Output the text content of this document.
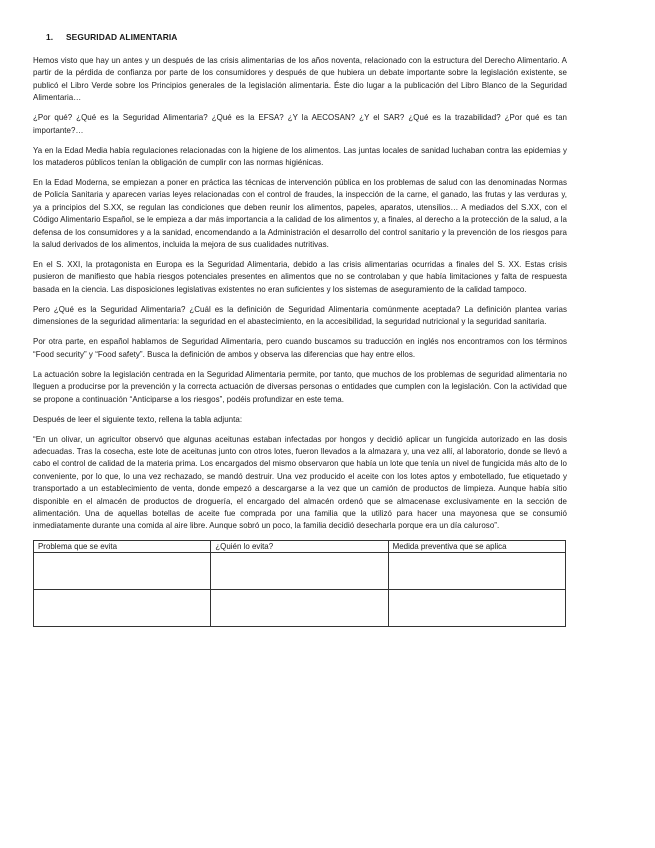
1. SEGURIDAD ALIMENTARIA

Hemos visto que hay un antes y un después de las crisis alimentarias de los años noventa, relacionado con la estructura del Derecho Alimentario. A partir de la pérdida de confianza por parte de los consumidores y después de que hubiera un debate importante sobre la legislación existente, se publicó el Libro Verde sobre los Principios generales de la legislación alimentaria. Éste dio lugar a la publicación del Libro Blanco de la Seguridad Alimentaria…

¿Por qué? ¿Qué es la Seguridad Alimentaria? ¿Qué es la EFSA? ¿Y la AECOSAN? ¿Y el SAR? ¿Qué es la trazabilidad? ¿Por qué es tan importante?…

Ya en la Edad Media había regulaciones relacionadas con la higiene de los alimentos. Las juntas locales de sanidad luchaban contra las epidemias y los mataderos públicos tenían la obligación de cumplir con las normas higiénicas.

En la Edad Moderna, se empiezan a poner en práctica las técnicas de intervención pública en los problemas de salud con las denominadas Normas de Policía Sanitaria y aparecen varias leyes relacionadas con el control de fraudes, la inspección de la carne, el ganado, las frutas y las verduras y, ya a principios del S.XX, se regulan las condiciones que deben reunir los alimentos, papeles, aparatos, utensilios… A mediados del S.XX, con el Código Alimentario Español, se le empieza a dar más importancia a la calidad de los alimentos y, a finales, al derecho a la protección de la salud, a la defensa de los consumidores y a la sanidad, encomendando a la Administración el desarrollo del control sanitario y la prevención de los riesgos para la salud derivados de los alimentos, incluida la mejora de sus cualidades nutritivas.

En el S. XXI, la protagonista en Europa es la Seguridad Alimentaria, debido a las crisis alimentarias ocurridas a finales del S. XX. Estas crisis pusieron de manifiesto que había riesgos potenciales presentes en alimentos que no se controlaban y que había limitaciones y falta de respuesta basada en la ciencia. Las disposiciones legislativas existentes no eran suficientes y los sistemas de aseguramiento de la calidad tampoco.

Pero ¿Qué es la Seguridad Alimentaria? ¿Cuál es la definición de Seguridad Alimentaria comúnmente aceptada? La definición plantea varias dimensiones de la seguridad alimentaria: la seguridad en el abastecimiento, en la accesibilidad, la seguridad nutricional y la seguridad sanitaria.

Por otra parte, en español hablamos de Seguridad Alimentaria, pero cuando buscamos su traducción en inglés nos encontramos con los términos “Food security” y “Food safety”. Busca la definición de ambos y observa las diferencias que hay entre ellos.

La actuación sobre la legislación centrada en la Seguridad Alimentaria permite, por tanto, que muchos de los problemas de seguridad alimentaria no lleguen a producirse por la prevención y la correcta actuación de diversas personas o entidades que cumplen con la legislación. Con la actividad que se propone a continuación “Anticiparse a los riesgos”, podéis profundizar en este tema.

Después de leer el siguiente texto, rellena la tabla adjunta:

“En un olivar, un agricultor observó que algunas aceitunas estaban infectadas por hongos y decidió aplicar un fungicida autorizado en las dosis adecuadas. Tras la cosecha, este lote de aceitunas junto con otros lotes, fueron llevados a la almazara y, una vez allí, al laboratorio, donde se llevó a cabo el control de calidad de la materia prima. Los encargados del mismo observaron que había un lote que tenía un nivel de fungicida más alto de lo conveniente, por lo que, lo una vez rechazado, se mandó destruir. Una vez producido el aceite con los lotes aptos y embotellado, fue etiquetado y transportado a un establecimiento de venta, donde empezó a descargarse a la vez que un camión de productos de limpieza. Aunque había sitio disponible en el almacén de productos de droguería, el encargado del almacén ordenó que se almacenase exclusivamente en la sección de alimentación. Una de aquellas botellas de aceite fue comprada por una familia que la utilizó para hacer una mayonesa que se consumió inmediatamente durante una comida al aire libre. Aunque sobró un poco, la familia decidió desecharla porque era un día caluroso”.

Problema que se evita	¿Quién lo evita?	Medida preventiva que se aplica
